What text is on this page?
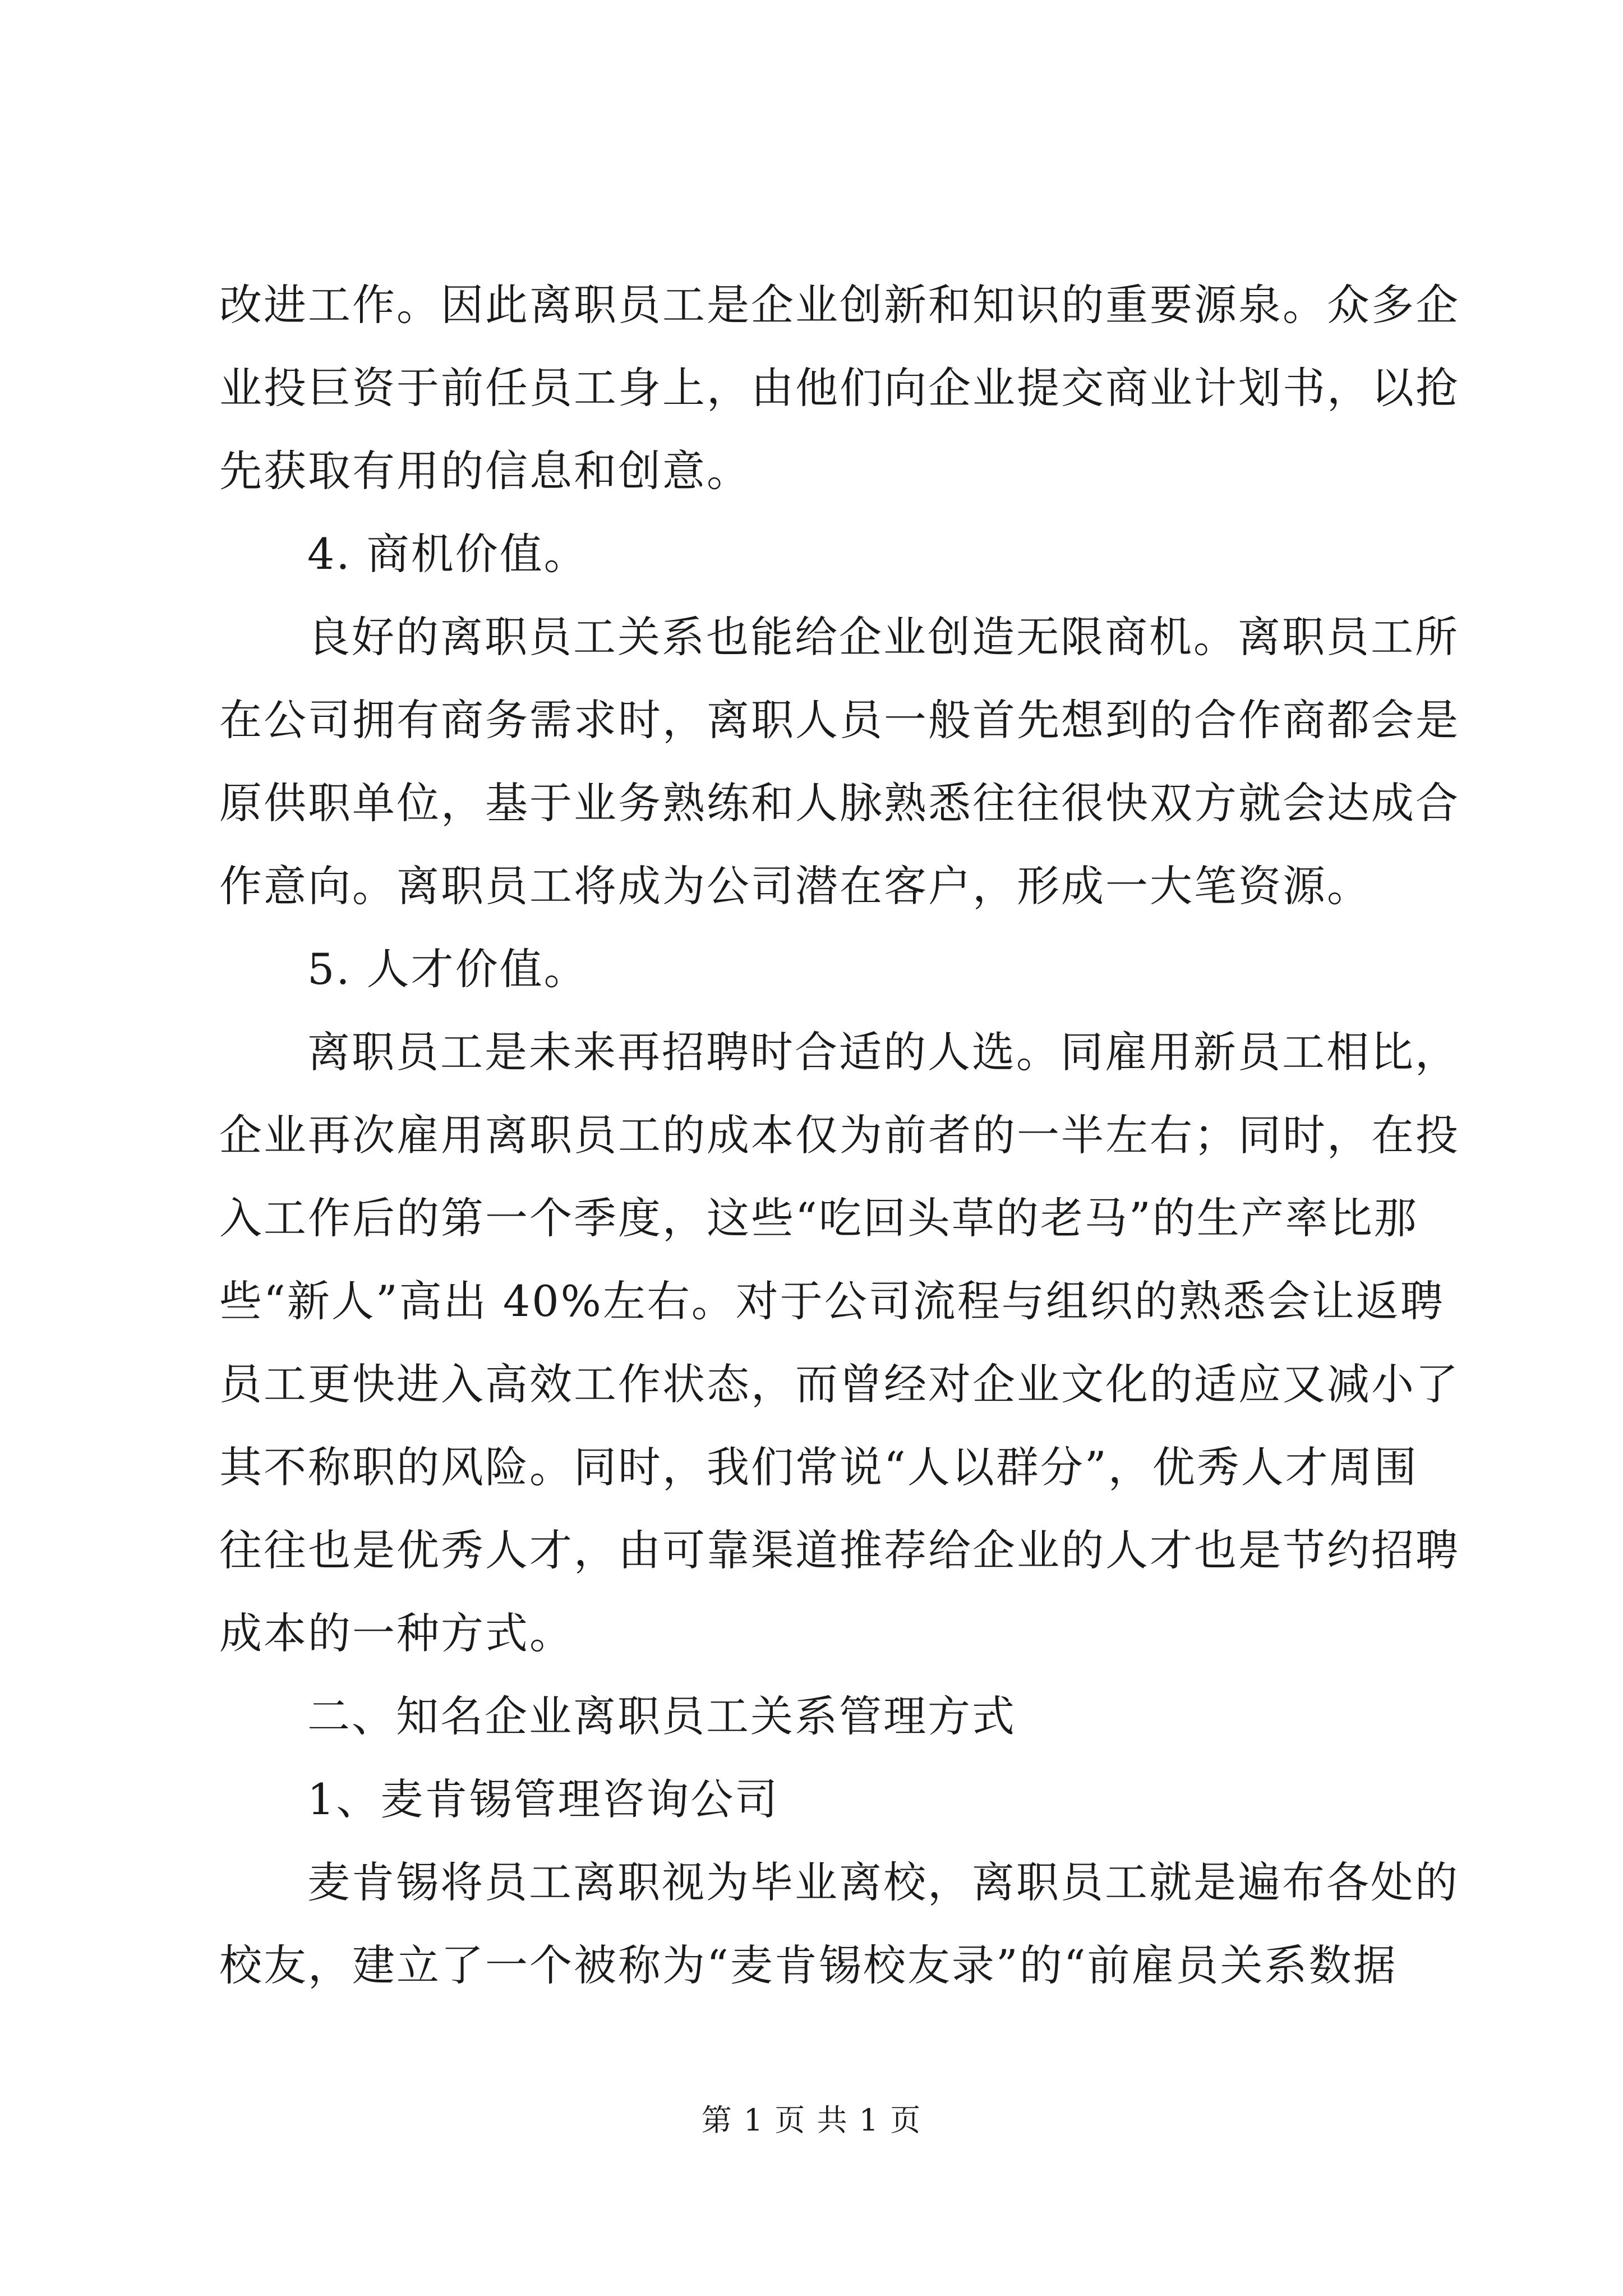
改进工作。因此离职员工是企业创新和知识的重要源泉。众多企
业投巨资于前任员工身上，由他们向企业提交商业计划书，以抢
先获取有用的信息和创意。
4. 商机价值。
良好的离职员工关系也能给企业创造无限商机。离职员工所
在公司拥有商务需求时，离职人员一般首先想到的合作商都会是
原供职单位，基于业务熟练和人脉熟悉往往很快双方就会达成合
作意向。离职员工将成为公司潜在客户，形成一大笔资源。
5. 人才价值。
离职员工是未来再招聘时合适的人选。同雇用新员工相比，
企业再次雇用离职员工的成本仅为前者的一半左右；同时，在投
入工作后的第一个季度，这些“吃回头草的老马”的生产率比那
些“新人”高出 40%左右。对于公司流程与组织的熟悉会让返聘
员工更快进入高效工作状态，而曾经对企业文化的适应又减小了
其不称职的风险。同时，我们常说“人以群分”，优秀人才周围
往往也是优秀人才，由可靠渠道推荐给企业的人才也是节约招聘
成本的一种方式。
二、知名企业离职员工关系管理方式
1、麦肯锡管理咨询公司
麦肯锡将员工离职视为毕业离校，离职员工就是遍布各处的
校友，建立了一个被称为“麦肯锡校友录”的“前雇员关系数据
第 1 页 共 1 页
